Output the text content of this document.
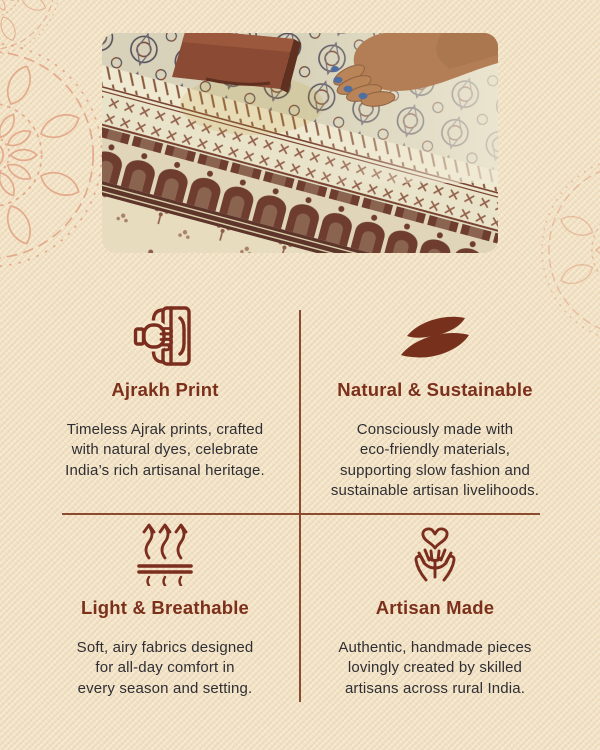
Ajrakh Print

Timeless Ajrak prints, crafted with natural dyes, celebrate India’s rich artisanal heritage.

Natural & Sustainable

Consciously made with eco-friendly materials, supporting slow fashion and sustainable artisan livelihoods.

Light & Breathable

Soft, airy fabrics designed for all-day comfort in every season and setting.

Artisan Made

Authentic, handmade pieces lovingly created by skilled artisans across rural India.
